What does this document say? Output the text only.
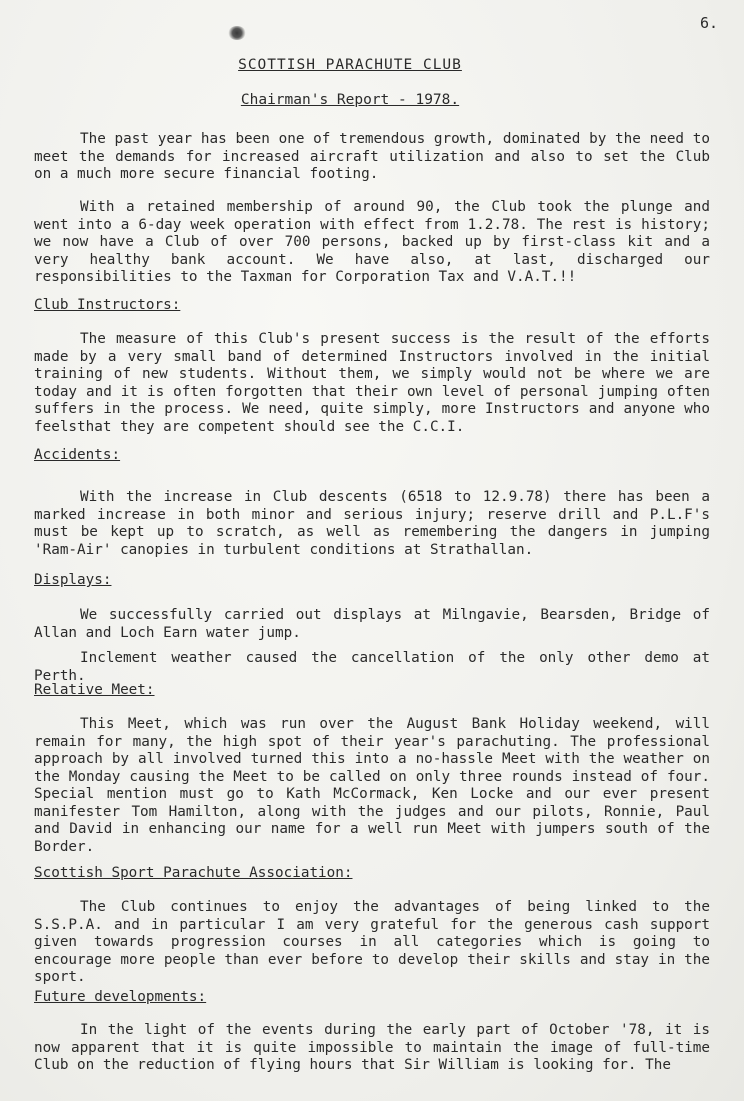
6.
SCOTTISH PARACHUTE CLUB
Chairman's Report - 1978.

The past year has been one of tremendous growth, dominated by the need to meet the demands for increased aircraft utilization and also to set the Club on a much more secure financial footing.

With a retained membership of around 90, the Club took the plunge and went into a 6-day week operation with effect from 1.2.78. The rest is history; we now have a Club of over 700 persons, backed up by first-class kit and a very healthy bank account. We have also, at last, discharged our responsibilities to the Taxman for Corporation Tax and V.A.T.!!

Club Instructors:

The measure of this Club's present success is the result of the efforts made by a very small band of determined Instructors involved in the initial training of new students. Without them, we simply would not be where we are today and it is often forgotten that their own level of personal jumping often suffers in the process. We need, quite simply, more Instructors and anyone who feelsthat they are competent should see the C.C.I.

Accidents:

With the increase in Club descents (6518 to 12.9.78) there has been a marked increase in both minor and serious injury; reserve drill and P.L.F's must be kept up to scratch, as well as remembering the dangers in jumping 'Ram-Air' canopies in turbulent conditions at Strathallan.

Displays:

We successfully carried out displays at Milngavie, Bearsden, Bridge of Allan and Loch Earn water jump.

Inclement weather caused the cancellation of the only other demo at Perth.

Relative Meet:

This Meet, which was run over the August Bank Holiday weekend, will remain for many, the high spot of their year's parachuting. The professional approach by all involved turned this into a no-hassle Meet with the weather on the Monday causing the Meet to be called on only three rounds instead of four. Special mention must go to Kath McCormack, Ken Locke and our ever present manifester Tom Hamilton, along with the judges and our pilots, Ronnie, Paul and David in enhancing our name for a well run Meet with jumpers south of the Border.

Scottish Sport Parachute Association:

The Club continues to enjoy the advantages of being linked to the S.S.P.A. and in particular I am very grateful for the generous cash support given towards progression courses in all categories which is going to encourage more people than ever before to develop their skills and stay in the sport.

Future developments:

In the light of the events during the early part of October '78, it is now apparent that it is quite impossible to maintain the image of full-time Club on the reduction of flying hours that Sir William is looking for. The
